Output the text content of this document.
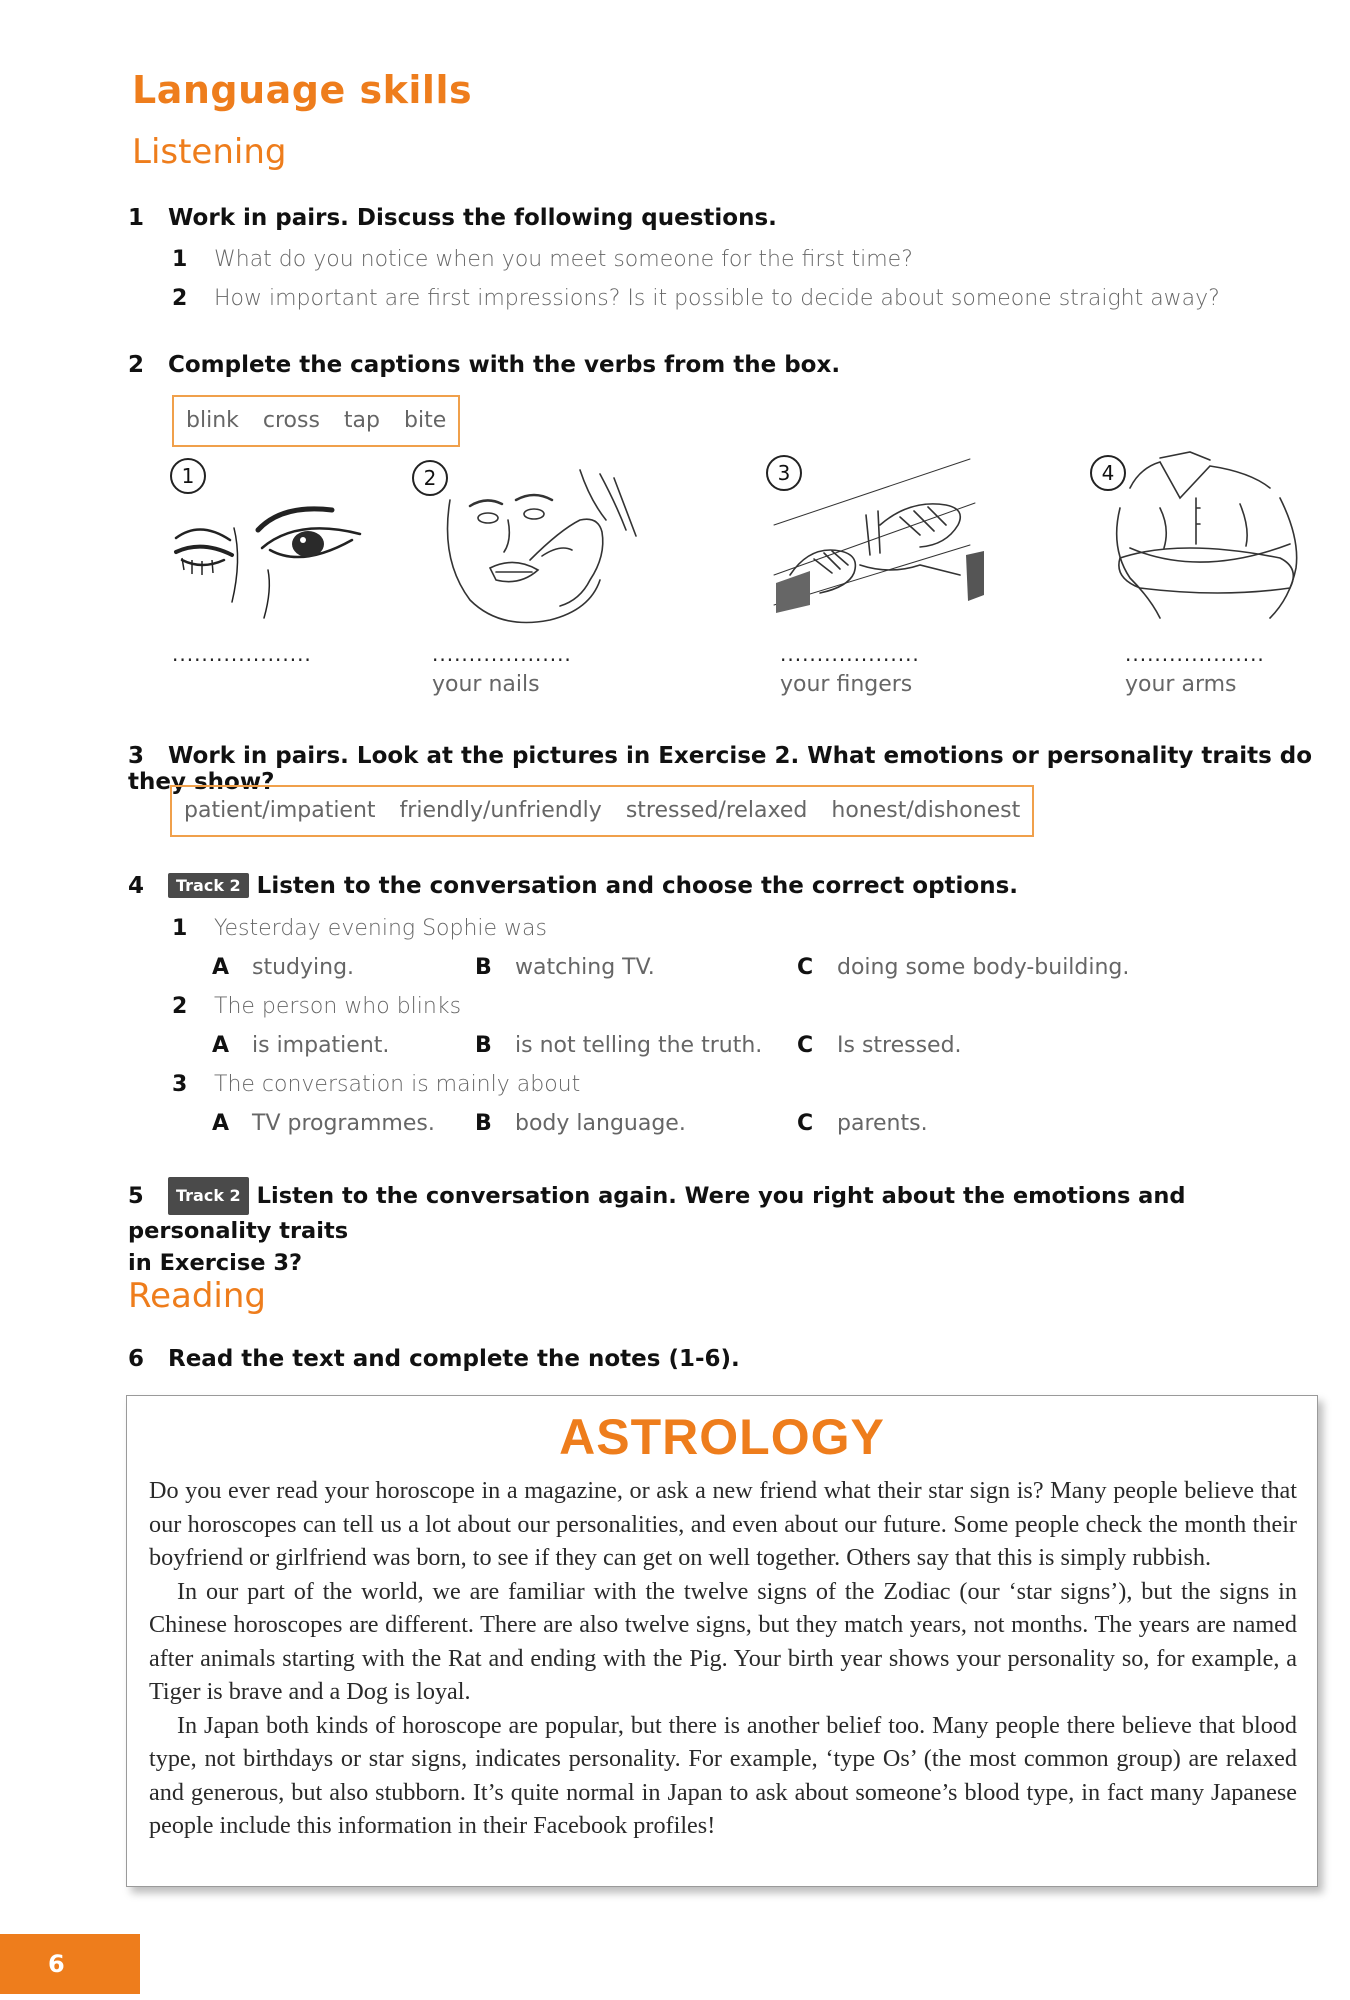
Language skills
Listening
1 Work in pairs. Discuss the following questions.
1 What do you notice when you meet someone for the first time?
2 How important are first impressions? Is it possible to decide about someone straight away?
2 Complete the captions with the verbs from the box.
blink cross tap bite
1
...................
2
...................
your nails
3
...................
your fingers
4
...................
your arms
3 Work in pairs. Look at the pictures in Exercise 2. What emotions or personality traits do they show?
patient/impatient friendly/unfriendly stressed/relaxed honest/dishonest
4 Track 2 Listen to the conversation and choose the correct options.
1 Yesterday evening Sophie was
A studying.	B watching TV.	C doing some body-building.
2 The person who blinks
A is impatient.	B is not telling the truth. C Is stressed.
3 The conversation is mainly about
A TV programmes. B body language.	C parents.
5 Track 2 Listen to the conversation again. Were you right about the emotions and personality traits
in Exercise 3?
Reading
6 Read the text and complete the notes (1-6).
ASTROLOGY

Do you ever read your horoscope in a magazine, or ask a new friend what their star sign is? Many people believe that our horoscopes can tell us a lot about our personalities, and even about our future. Some people check the month their boyfriend or girlfriend was born, to see if they can get on well together. Others say that this is simply rubbish.

In our part of the world, we are familiar with the twelve signs of the Zodiac (our ‘star signs’), but the signs in Chinese horoscopes are different. There are also twelve signs, but they match years, not months. The years are named after animals starting with the Rat and ending with the Pig. Your birth year shows your personality so, for example, a Tiger is brave and a Dog is loyal.

In Japan both kinds of horoscope are popular, but there is another belief too. Many people there believe that blood type, not birthdays or star signs, indicates personality. For example, ‘type Os’ (the most common group) are relaxed and generous, but also stubborn. It’s quite normal in Japan to ask about someone’s blood type, in fact many Japanese people include this information in their Facebook profiles!

6
